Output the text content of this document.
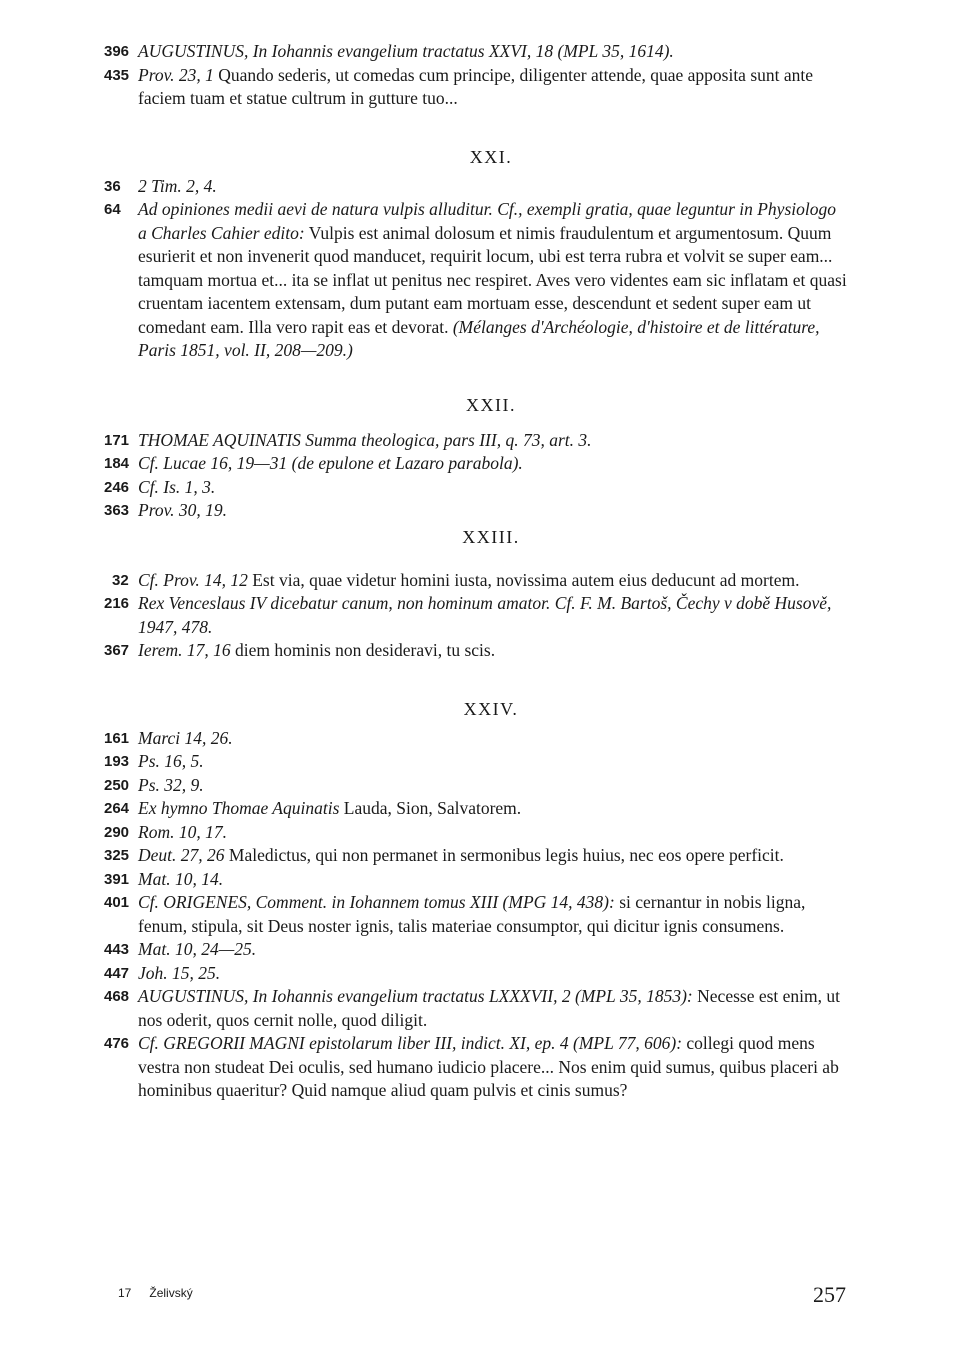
396 AUGUSTINUS, In Iohannis evangelium tractatus XXVI, 18 (MPL 35, 1614).
435 Prov. 23, 1 Quando sederis, ut comedas cum principe, diligenter attende, quae apposita sunt ante faciem tuam et statue cultrum in gutture tuo...
XXI.
36 2 Tim. 2, 4.
64 Ad opiniones medii aevi de natura vulpis alluditur. Cf., exempli gratia, quae leguntur in Physiologo a Charles Cahier edito: Vulpis est animal dolosum et nimis fraudulentum et argumentosum. Quum esurierit et non invenerit quod manducet, requirit locum, ubi est terra rubra et volvit se super eam... tamquam mortua et... ita se inflat ut penitus nec respiret. Aves vero videntes eam sic inflatam et quasi cruentam iacentem extensam, dum putant eam mortuam esse, descendunt et sedent super eam ut comedant eam. Illa vero rapit eas et devorat. (Mélanges d'Archéologie, d'histoire et de littérature, Paris 1851, vol. II, 208—209.)
XXII.
171 THOMAE AQUINATIS Summa theologica, pars III, q. 73, art. 3.
184 Cf. Lucae 16, 19—31 (de epulone et Lazaro parabola).
246 Cf. Is. 1, 3.
363 Prov. 30, 19.
XXIII.
32 Cf. Prov. 14, 12 Est via, quae videtur homini iusta, novissima autem eius deducunt ad mortem.
216 Rex Venceslaus IV dicebatur canum, non hominum amator. Cf. F. M. Bartoš, Čechy v době Husově, 1947, 478.
367 Ierem. 17, 16 diem hominis non desideravi, tu scis.
XXIV.
161 Marci 14, 26.
193 Ps. 16, 5.
250 Ps. 32, 9.
264 Ex hymno Thomae Aquinatis Lauda, Sion, Salvatorem.
290 Rom. 10, 17.
325 Deut. 27, 26 Maledictus, qui non permanet in sermonibus legis huius, nec eos opere perficit.
391 Mat. 10, 14.
401 Cf. ORIGENES, Comment. in Iohannem tomus XIII (MPG 14, 438): si cernantur in nobis ligna, fenum, stipula, sit Deus noster ignis, talis materiae consumptor, qui dicitur ignis consumens.
443 Mat. 10, 24—25.
447 Joh. 15, 25.
468 AUGUSTINUS, In Iohannis evangelium tractatus LXXXVII, 2 (MPL 35, 1853): Necesse est enim, ut nos oderit, quos cernit nolle, quod diligit.
476 Cf. GREGORII MAGNI epistolarum liber III, indict. XI, ep. 4 (MPL 77, 606): collegi quod mens vestra non studeat Dei oculis, sed humano iudicio placere... Nos enim quid sumus, quibus placeri ab hominibus quaeritur? Quid namque aliud quam pulvis et cinis sumus?
17 Želivský	257
